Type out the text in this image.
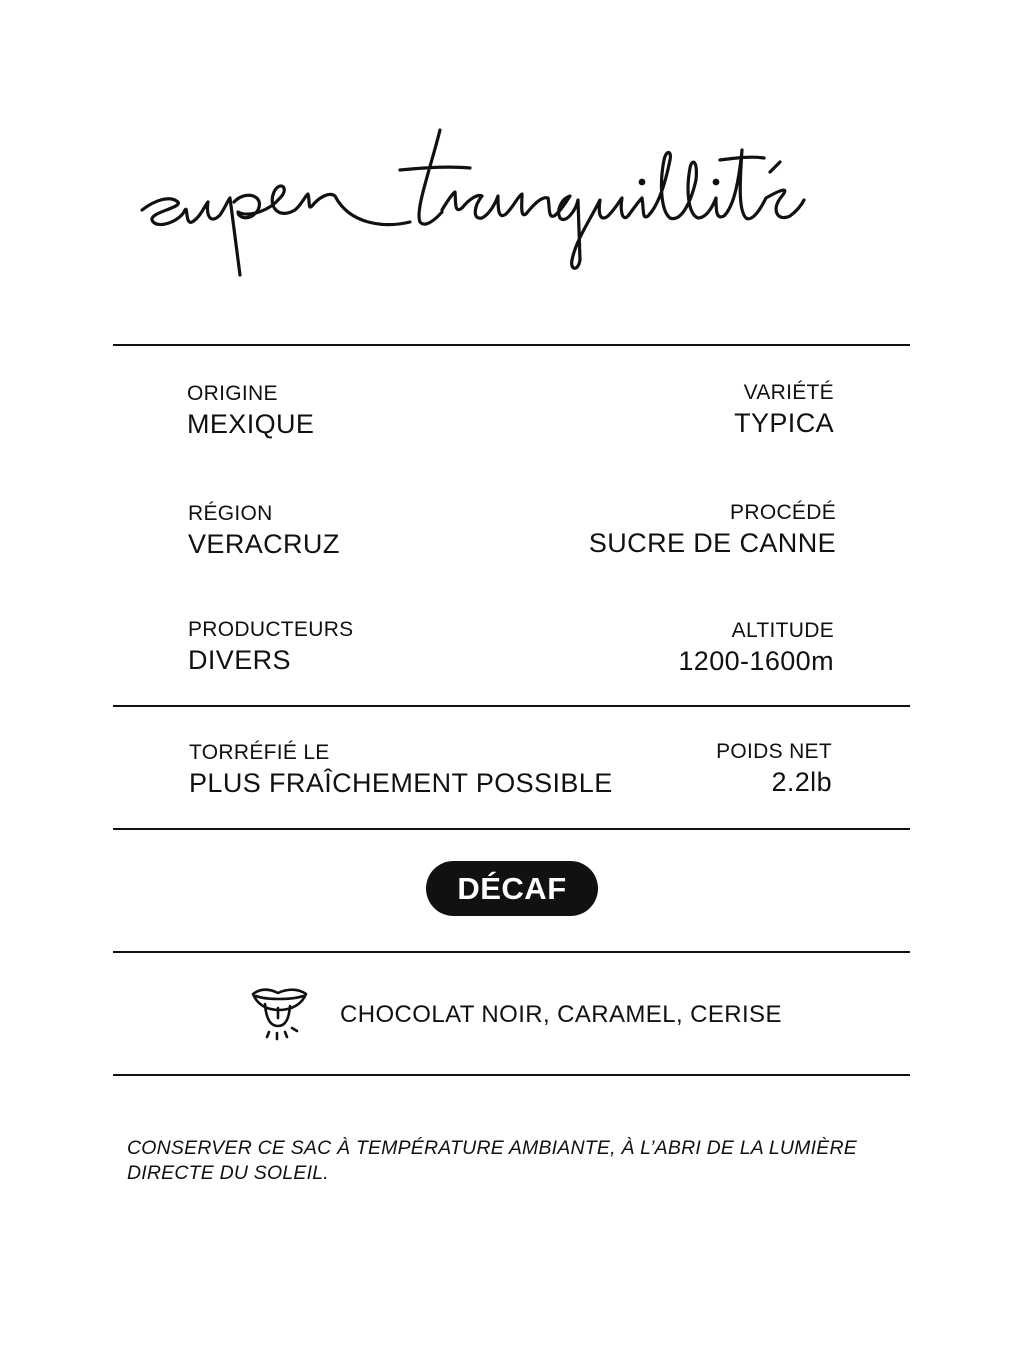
ORIGINE
MEXIQUE
VARIÉTÉ
TYPICA
RÉGION
VERACRUZ
PROCÉDÉ
SUCRE DE CANNE
PRODUCTEURS
DIVERS
ALTITUDE
1200-1600m
TORRÉFIÉ LE
PLUS FRAÎCHEMENT POSSIBLE
POIDS NET
2.2lb
DÉCAF
CHOCOLAT NOIR, CARAMEL, CERISE
CONSERVER CE SAC À TEMPÉRATURE AMBIANTE, À L’ABRI DE LA LUMIÈRE DIRECTE DU SOLEIL.
